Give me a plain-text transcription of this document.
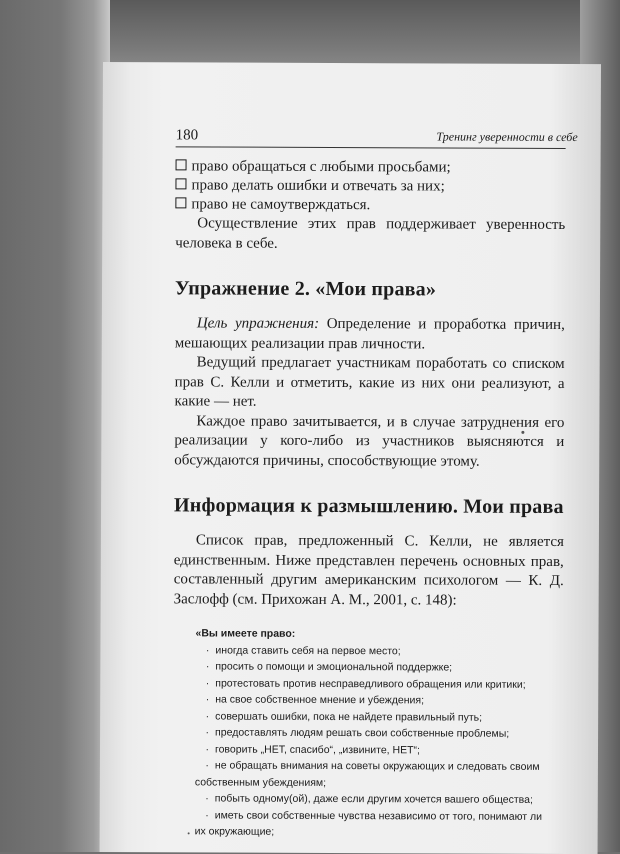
180	Тренинг уверенности в себе
право обращаться с любыми просьбами;
право делать ошибки и отвечать за них;
право не самоутверждаться.

Осуществление этих прав поддерживает уверенность человека в себе.

Упражнение 2. «Мои права»

Цель упражнения: Определение и проработка причин, мешающих реализации прав личности.

Ведущий предлагает участникам поработать со списком прав С. Келли и отметить, какие из них они реализуют, а какие — нет.

Каждое право зачитывается, и в случае затруднения его реализации у кого-либо из участников выясняются и обсуждаются причины, способствующие этому.

Информация к размышлению. Мои права

Список прав, предложенный С. Келли, не является единственным. Ниже представлен перечень основных прав, составленный другим американским психологом — К. Д. Заслофф (см. Прихожан А. М., 2001, с. 148):

«Вы имеете право:
· иногда ставить себя на первое место;
· просить о помощи и эмоциональной поддержке;
· протестовать против несправедливого обращения или критики;
· на свое собственное мнение и убеждения;
· совершать ошибки, пока не найдете правильный путь;
· предоставлять людям решать свои собственные проблемы;
· говорить „НЕТ, спасибо“, „извините, НЕТ“;
· не обращать внимания на советы окружающих и следовать своим собственным убеждениям;
· побыть одному(ой), даже если другим хочется вашего общества;
· иметь свои собственные чувства независимо от того, понимают ли их окружающие;
